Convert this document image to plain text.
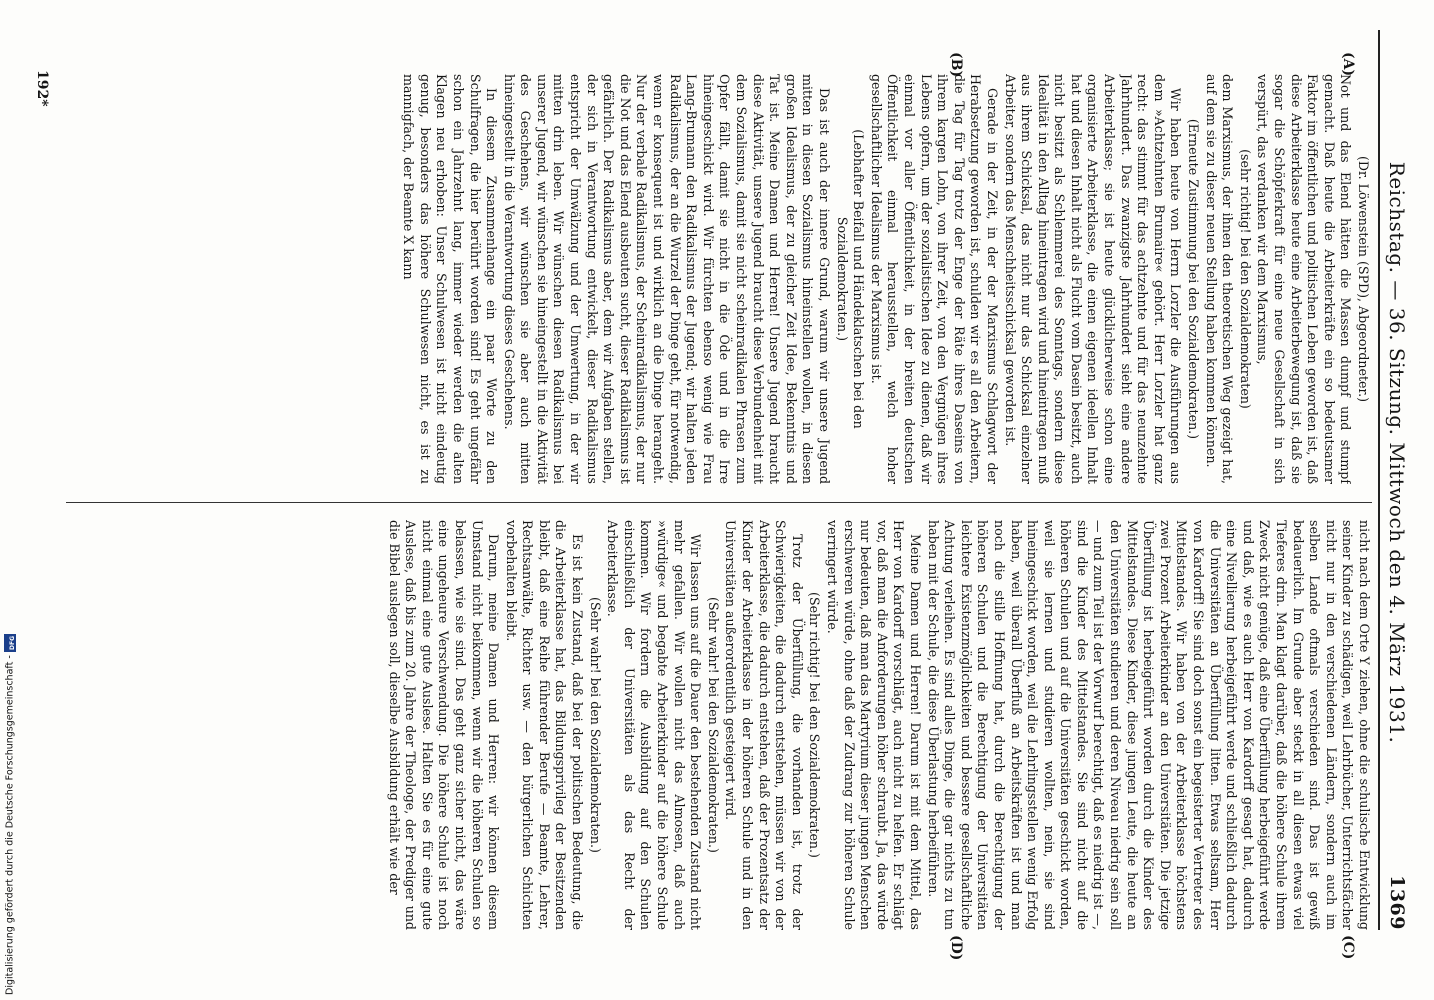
Reichstag. — 36. Sitzung. Mittwoch den 4. März 1931.
1369
(A)
(B)
(C)
(D)

(Dr. Löwenstein (SPD), Abgeordneter.)

Not und das Elend hätten die Massen dumpf und stumpf gemacht. Daß heute die Arbeiterkräfte ein so bedeutsamer Faktor im öffentlichen und politischen Leben geworden ist, daß diese Arbeiterklasse heute eine Arbeiterbewegung ist, daß sie sogar die Schöpferkraft für eine neue Gesellschaft in sich verspürt, das verdanken wir dem Marxismus,

(sehr richtig! bei den Sozialdemokraten)

dem Marxismus, der ihnen den theoretischen Weg gezeigt hat, auf dem sie zu dieser neuen Stellung haben kommen können.

(Erneute Zustimmung bei den Sozialdemokraten.)

Wir haben heute von Herrn Lorzler die Ausführungen aus dem »Achtzehnten Brumaire« gehört. Herr Lorzler hat ganz recht: das stimmt für das achtzehnte und für das neunzehnte Jahrhundert. Das zwanzigste Jahrhundert sieht eine andere Arbeiterklasse; sie ist heute glücklicherweise schon eine organisierte Arbeiterklasse, die einen eigenen ideellen Inhalt hat und diesen Inhalt nicht als Flucht vom Dasein besitzt, auch nicht besitzt als Schlemmerei des Sonntags, sondern diese Idealität in den Alltag hineintragen wird und hineintragen muß aus ihrem Schicksal, das nicht nur das Schicksal einzelner Arbeiter, sondern das Menschheitsschicksal geworden ist.

Gerade in der Zeit, in der der Marxismus Schlagwort der Herabsetzung geworden ist, schulden wir es all den Arbeitern, die Tag für Tag trotz der Enge der Räte ihres Daseins von ihrem kargen Lohn, von ihrer Zeit, von den Vergnügen ihres Lebens opfern, um der sozialistischen Idee zu dienen, daß wir einmal vor aller Öffentlichkeit, in der breiten deutschen Öffentlichkeit einmal herausstellen, welch hoher gesellschaftlicher Idealismus der Marxismus ist.

(Lebhafter Beifall und Händeklatschen bei den Sozialdemokraten.)

Das ist auch der innere Grund, warum wir unsere Jugend mitten in diesen Sozialismus hineinstellen wollen, in diesen großen Idealismus, der zu gleicher Zeit Idee, Bekenntnis und Tat ist. Meine Damen und Herren! Unsere Jugend braucht diese Aktivität, unsere Jugend braucht diese Verbundenheit mit dem Sozialismus, damit sie nicht scheinradikalen Phrasen zum Opfer fällt, damit sie nicht in die Öde und in die Irre hineingeschickt wird. Wir fürchten ebenso wenig wie Frau Lang-Brumann den Radikalismus der Jugend; wir halten jeden Radikalismus, der an die Wurzel der Dinge geht, für notwendig, wenn er konsequent ist und wirklich an die Dinge herangeht. Nur der verbale Radikalismus, der Scheinradikalismus, der nur die Not und das Elend ausbeuten sucht, dieser Radikalismus ist gefährlich. Der Radikalismus aber, dem wir Aufgaben stellen, der sich in Verantwortung entwickelt, dieser Radikalismus entspricht der Umwälzung und der Umwertung, in der wir mitten drin leben. Wir wünschen diesen Radikalismus bei unserer Jugend, wir wünschen sie hineingestellt in die Aktivität des Geschehens, wir wünschen sie aber auch mitten hineingestellt in die Verantwortung dieses Geschehens.

In diesem Zusammenhange ein paar Worte zu den Schulfragen, die hier berührt worden sind! Es geht ungefähr schon ein Jahrzehnt lang, immer wieder werden die alten Klagen neu erhoben: Unser Schulwesen ist nicht eindeutig genug, besonders das höhere Schulwesen nicht, es ist zu mannigfach, der Beamte X kann

nicht nach dem Orte Y ziehen, ohne die schulische Entwicklung seiner Kinder zu schädigen, weil Lehrbücher, Unterrichtsfächer nicht nur in den verschiedenen Ländern, sondern auch im selben Lande oftmals verschieden sind. Das ist gewiß bedauerlich. Im Grunde aber steckt in all diesen etwas viel Tieferes drin. Man klagt darüber, daß die höhere Schule ihrem Zweck nicht genüge, daß eine Überfüllung herbeigeführt werde und daß, wie es auch Herr von Kardorff gesagt hat, dadurch eine Nivellierung herbeigeführt werde und schließlich dadurch die Universitäten an Überfüllung litten. Etwas seltsam, Herr von Kardorff! Sie sind doch sonst ein begeisterter Vertreter des Mittelstandes. Wir haben von der Arbeiterklasse höchstens zwei Prozent Arbeiterkinder an den Universitäten. Die jetzige Überfüllung ist herbeigeführt worden durch die Kinder des Mittelstandes. Diese Kinder, diese jungen Leute, die heute an den Universitäten studieren und deren Niveau niedrig sein soll — und zum Teil ist der Vorwurf berechtigt, daß es niedrig ist —, sind die Kinder des Mittelstandes. Sie sind nicht auf die höheren Schulen und auf die Universitäten geschickt worden, weil sie lernen und studieren wollten, nein, sie sind hineingeschickt worden, weil die Lehrlingsstellen wenig Erfolg haben, weil überall Überfluß an Arbeitskräften ist und man noch die stille Hoffnung hat, durch die Berechtigung der höheren Schulen und die Berechtigung der Universitäten leichtere Existenzmöglichkeiten und bessere gesellschaftliche Achtung verleihen. Es sind alles Dinge, die gar nichts zu tun haben mit der Schule, die diese Überlastung herbeiführen.

Meine Damen und Herren! Darum ist mit dem Mittel, das Herr von Kardorff vorschlägt, auch nicht zu helfen. Er schlägt vor, daß man die Anforderungen höher schraubt. Ja, das würde nur bedeuten, daß man das Martyrium dieser jungen Menschen erschweren würde, ohne daß der Zudrang zur höheren Schule verringert würde.

(Sehr richtig! bei den Sozialdemokraten.)

Trotz der Überfüllung, die vorhanden ist, trotz der Schwierigkeiten, die dadurch entstehen, müssen wir von der Arbeiterklasse, die dadurch entstehen, daß der Prozentsatz der Kinder der Arbeiterklasse in der höheren Schule und in den Universitäten außerordentlich gesteigert wird.

(Sehr wahr! bei den Sozialdemokraten.)

Wir lassen uns auf die Dauer den bestehenden Zustand nicht mehr gefallen. Wir wollen nicht das Almosen, daß auch »würdige« und begabte Arbeiterkinder auf die höhere Schule kommen. Wir fordern die Ausbildung auf den Schulen einschließlich der Universitäten als das Recht der Arbeiterklasse.

(Sehr wahr! bei den Sozialdemokraten.)

Es ist kein Zustand, daß bei der politischen Bedeutung, die die Arbeiterklasse hat, das Bildungsprivileg der Besitzenden bleibt, daß eine Reihe führender Berufe — Beamte, Lehrer, Rechtsanwälte, Richter usw. — den bürgerlichen Schichten vorbehalten bleibt.

Darum, meine Damen und Herren: wir können diesem Umstand nicht beikommen, wenn wir die höheren Schulen so belassen, wie sie sind. Das geht ganz sicher nicht, das wäre eine ungeheure Verschwendung. Die höhere Schule ist noch nicht einmal eine gute Auslese. Halten Sie es für eine gute Auslese, daß bis zum 20. Jahre der Theologe, der Prediger und die Bibel auslegen soll, dieselbe Ausbildung erhält wie der

192*
Digitalisierung gefördert durch die Deutsche Forschungsgemeinschaft -
DFG
